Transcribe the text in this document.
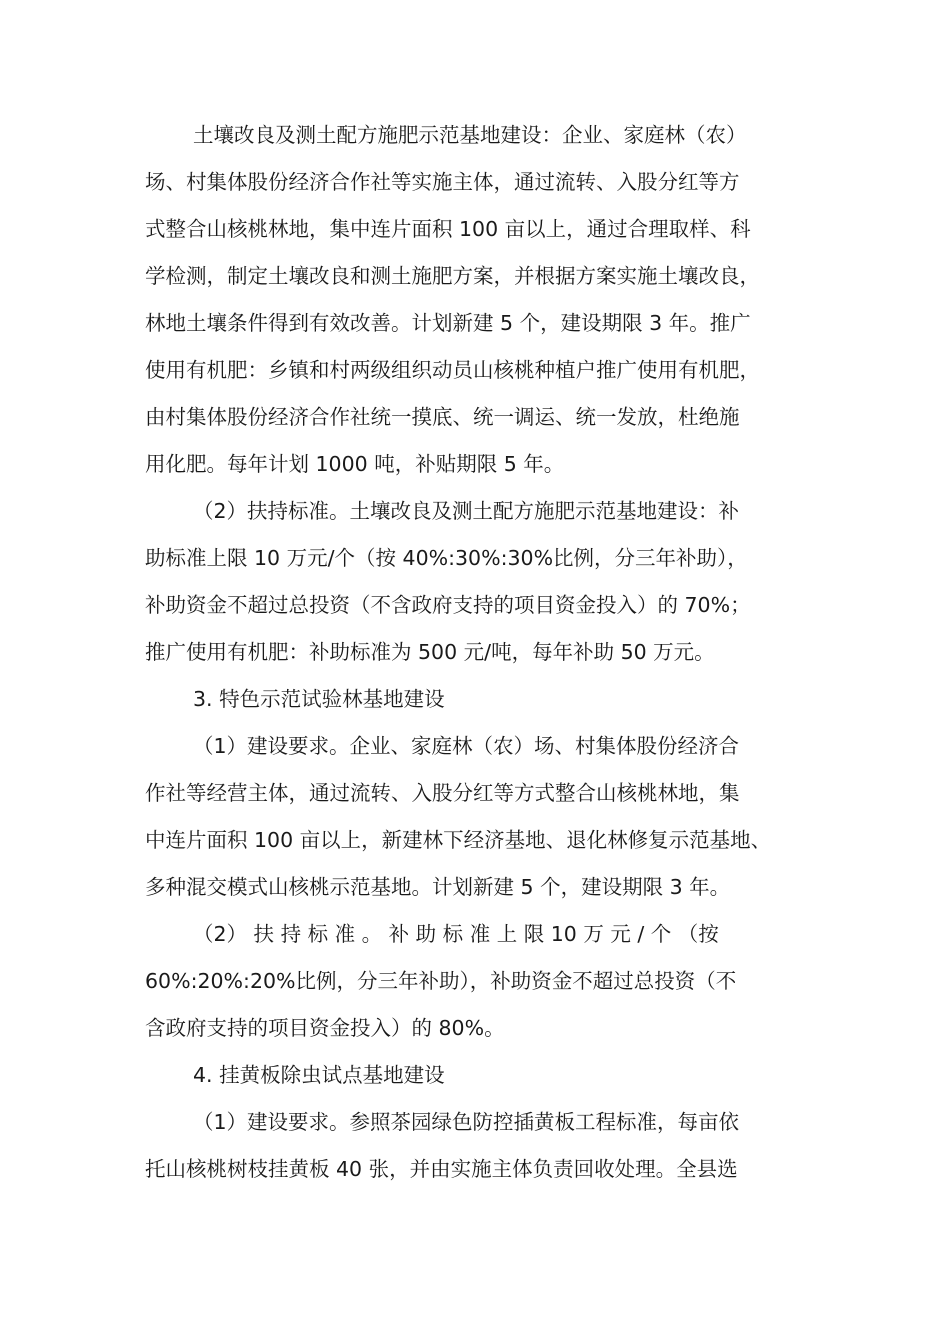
土壤改良及测土配方施肥示范基地建设：企业、家庭林（农）
场、村集体股份经济合作社等实施主体，通过流转、入股分红等方
式整合山核桃林地，集中连片面积 100 亩以上，通过合理取样、科
学检测，制定土壤改良和测土施肥方案，并根据方案实施土壤改良，
林地土壤条件得到有效改善。计划新建 5 个，建设期限 3 年。推广
使用有机肥：乡镇和村两级组织动员山核桃种植户推广使用有机肥，
由村集体股份经济合作社统一摸底、统一调运、统一发放，杜绝施
用化肥。每年计划 1000 吨，补贴期限 5 年。
（2）扶持标准。土壤改良及测土配方施肥示范基地建设：补
助标准上限 10 万元/个（按 40%:30%:30%比例，分三年补助），
补助资金不超过总投资（不含政府支持的项目资金投入）的 70%；
推广使用有机肥：补助标准为 500 元/吨，每年补助 50 万元。
3. 特色示范试验林基地建设
（1）建设要求。企业、家庭林（农）场、村集体股份经济合
作社等经营主体，通过流转、入股分红等方式整合山核桃林地，集
中连片面积 100 亩以上，新建林下经济基地、退化林修复示范基地、
多种混交模式山核桃示范基地。计划新建 5 个，建设期限 3 年。
（2） 扶 持 标 准 。 补 助 标 准 上 限 10 万 元 / 个 （按
60%:20%:20%比例，分三年补助），补助资金不超过总投资（不
含政府支持的项目资金投入）的 80%。
4. 挂黄板除虫试点基地建设
（1）建设要求。参照茶园绿色防控插黄板工程标准，每亩依
托山核桃树枝挂黄板 40 张，并由实施主体负责回收处理。全县选
